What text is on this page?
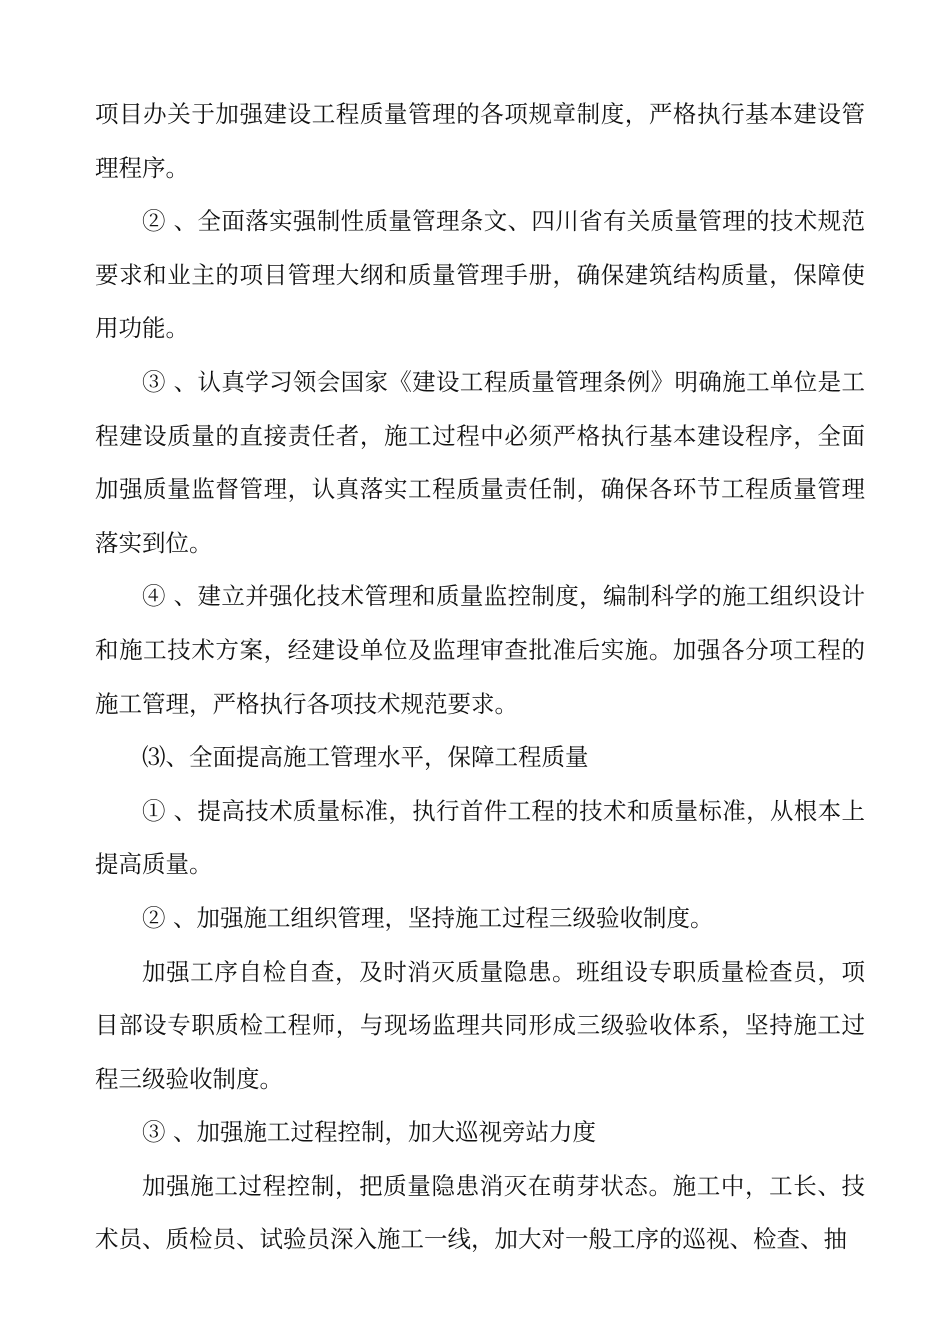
项目办关于加强建设工程质量管理的各项规章制度，严格执行基本建设管理程序。

② 、全面落实强制性质量管理条文、四川省有关质量管理的技术规范要求和业主的项目管理大纲和质量管理手册，确保建筑结构质量，保障使用功能。

③ 、认真学习领会国家《建设工程质量管理条例》明确施工单位是工程建设质量的直接责任者，施工过程中必须严格执行基本建设程序，全面加强质量监督管理，认真落实工程质量责任制，确保各环节工程质量管理落实到位。

④ 、建立并强化技术管理和质量监控制度，编制科学的施工组织设计和施工技术方案，经建设单位及监理审查批准后实施。加强各分项工程的施工管理，严格执行各项技术规范要求。

⑶、全面提高施工管理水平，保障工程质量

① 、提高技术质量标准，执行首件工程的技术和质量标准，从根本上提高质量。

② 、加强施工组织管理，坚持施工过程三级验收制度。

加强工序自检自查，及时消灭质量隐患。班组设专职质量检查员，项目部设专职质检工程师，与现场监理共同形成三级验收体系，坚持施工过程三级验收制度。

③ 、加强施工过程控制，加大巡视旁站力度

加强施工过程控制，把质量隐患消灭在萌芽状态。施工中，工长、技术员、质检员、试验员深入施工一线，加大对一般工序的巡视、检查、抽
